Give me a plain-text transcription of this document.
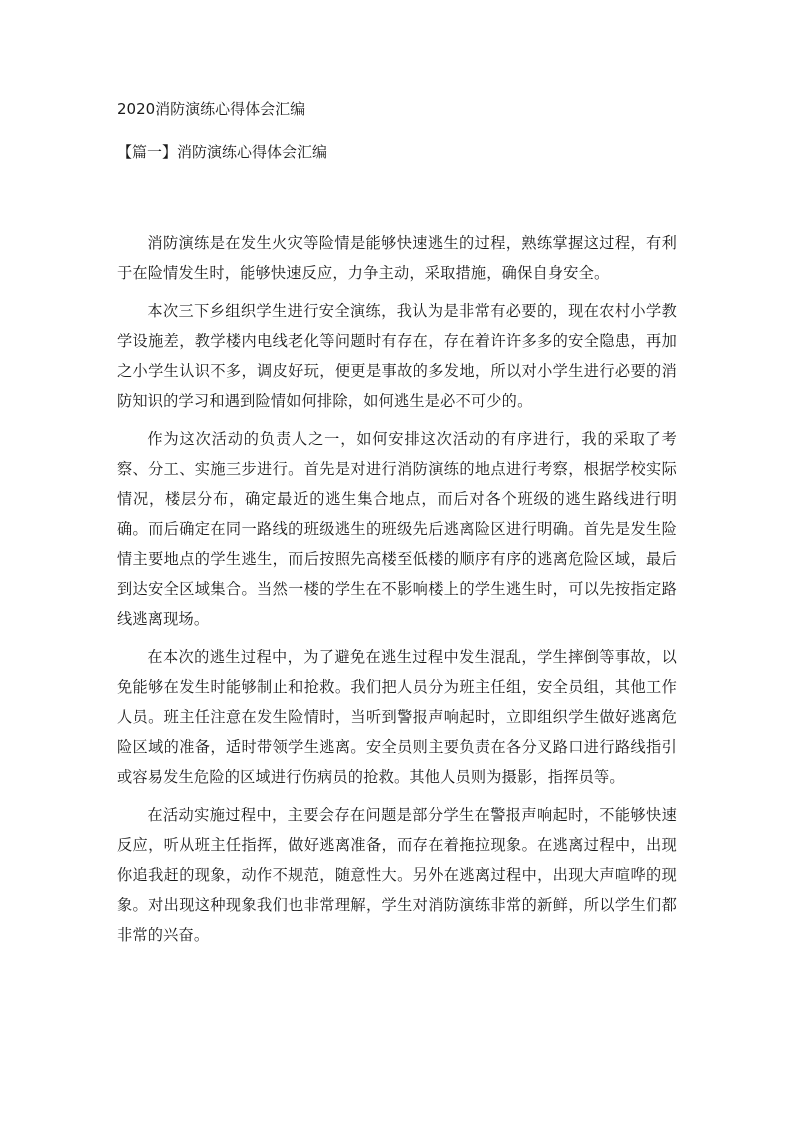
2020消防演练心得体会汇编
【篇一】消防演练心得体会汇编

消防演练是在发生火灾等险情是能够快速逃生的过程，熟练掌握这过程，有利于在险情发生时，能够快速反应，力争主动，采取措施，确保自身安全。

本次三下乡组织学生进行安全演练，我认为是非常有必要的，现在农村小学教学设施差，教学楼内电线老化等问题时有存在，存在着许许多多的安全隐患，再加之小学生认识不多，调皮好玩，便更是事故的多发地，所以对小学生进行必要的消防知识的学习和遇到险情如何排除，如何逃生是必不可少的。

作为这次活动的负责人之一，如何安排这次活动的有序进行，我的采取了考察、分工、实施三步进行。首先是对进行消防演练的地点进行考察，根据学校实际情况，楼层分布，确定最近的逃生集合地点，而后对各个班级的逃生路线进行明确。而后确定在同一路线的班级逃生的班级先后逃离险区进行明确。首先是发生险情主要地点的学生逃生，而后按照先高楼至低楼的顺序有序的逃离危险区域，最后到达安全区域集合。当然一楼的学生在不影响楼上的学生逃生时，可以先按指定路线逃离现场。

在本次的逃生过程中，为了避免在逃生过程中发生混乱，学生摔倒等事故，以免能够在发生时能够制止和抢救。我们把人员分为班主任组，安全员组，其他工作人员。班主任注意在发生险情时，当听到警报声响起时，立即组织学生做好逃离危险区域的准备，适时带领学生逃离。安全员则主要负责在各分叉路口进行路线指引或容易发生危险的区域进行伤病员的抢救。其他人员则为摄影，指挥员等。

在活动实施过程中，主要会存在问题是部分学生在警报声响起时，不能够快速反应，听从班主任指挥，做好逃离准备，而存在着拖拉现象。在逃离过程中，出现你追我赶的现象，动作不规范，随意性大。另外在逃离过程中，出现大声喧哗的现象。对出现这种现象我们也非常理解，学生对消防演练非常的新鲜，所以学生们都非常的兴奋。
